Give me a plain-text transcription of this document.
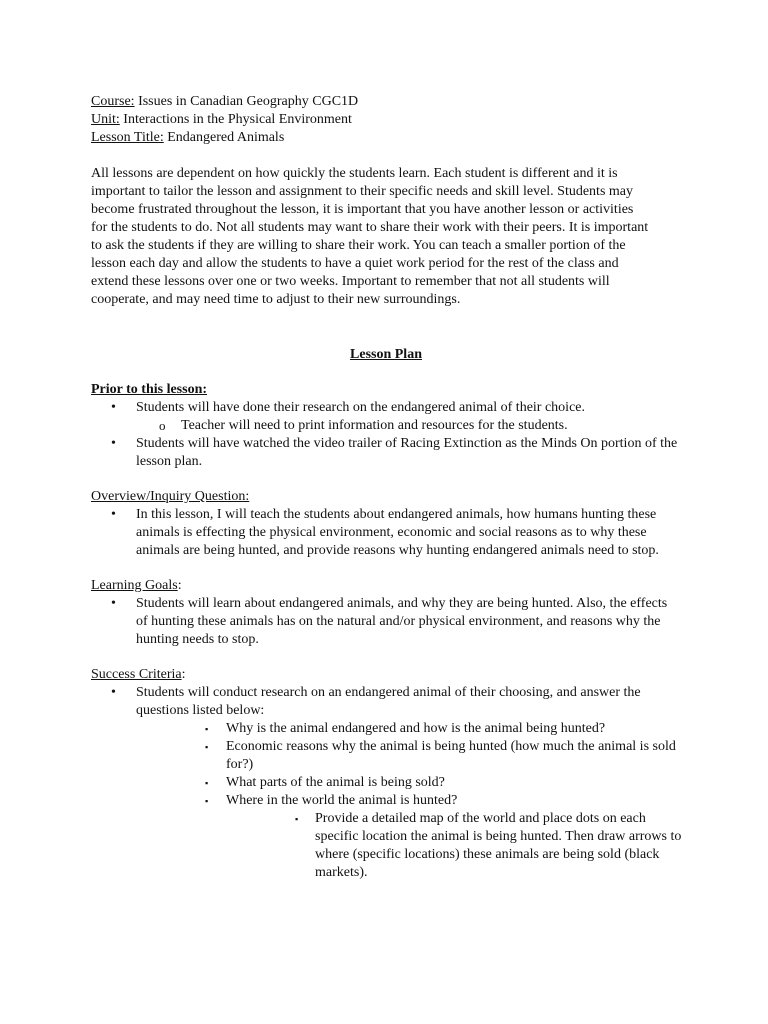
Course: Issues in Canadian Geography CGC1D

Unit: Interactions in the Physical Environment

Lesson Title: Endangered Animals

All lessons are dependent on how quickly the students learn. Each student is different and it is important to tailor the lesson and assignment to their specific needs and skill level. Students may become frustrated throughout the lesson, it is important that you have another lesson or activities for the students to do. Not all students may want to share their work with their peers. It is important to ask the students if they are willing to share their work. You can teach a smaller portion of the lesson each day and allow the students to have a quiet work period for the rest of the class and extend these lessons over one or two weeks. Important to remember that not all students will cooperate, and may need time to adjust to their new surroundings.

Lesson Plan
Prior to this lesson:
•	Students will have done their research on the endangered animal of their choice.
o Teacher will need to print information and resources for the students.
•	Students will have watched the video trailer of Racing Extinction as the Minds On portion of the lesson plan.
Overview/Inquiry Question:
•	In this lesson, I will teach the students about endangered animals, how humans hunting these animals is effecting the physical environment, economic and social reasons as to why these animals are being hunted, and provide reasons why hunting endangered animals need to stop.
Learning Goals:
•	Students will learn about endangered animals, and why they are being hunted. Also, the effects of hunting these animals has on the natural and/or physical environment, and reasons why the hunting needs to stop.
Success Criteria:
•	Students will conduct research on an endangered animal of their choosing, and answer the questions listed below:
▪ Why is the animal endangered and how is the animal being hunted?
▪ Economic reasons why the animal is being hunted (how much the animal is sold for?)
▪ What parts of the animal is being sold?
▪ Where in the world the animal is hunted?
▪ Provide a detailed map of the world and place dots on each specific location the animal is being hunted. Then draw arrows to where (specific locations) these animals are being sold (black markets).
